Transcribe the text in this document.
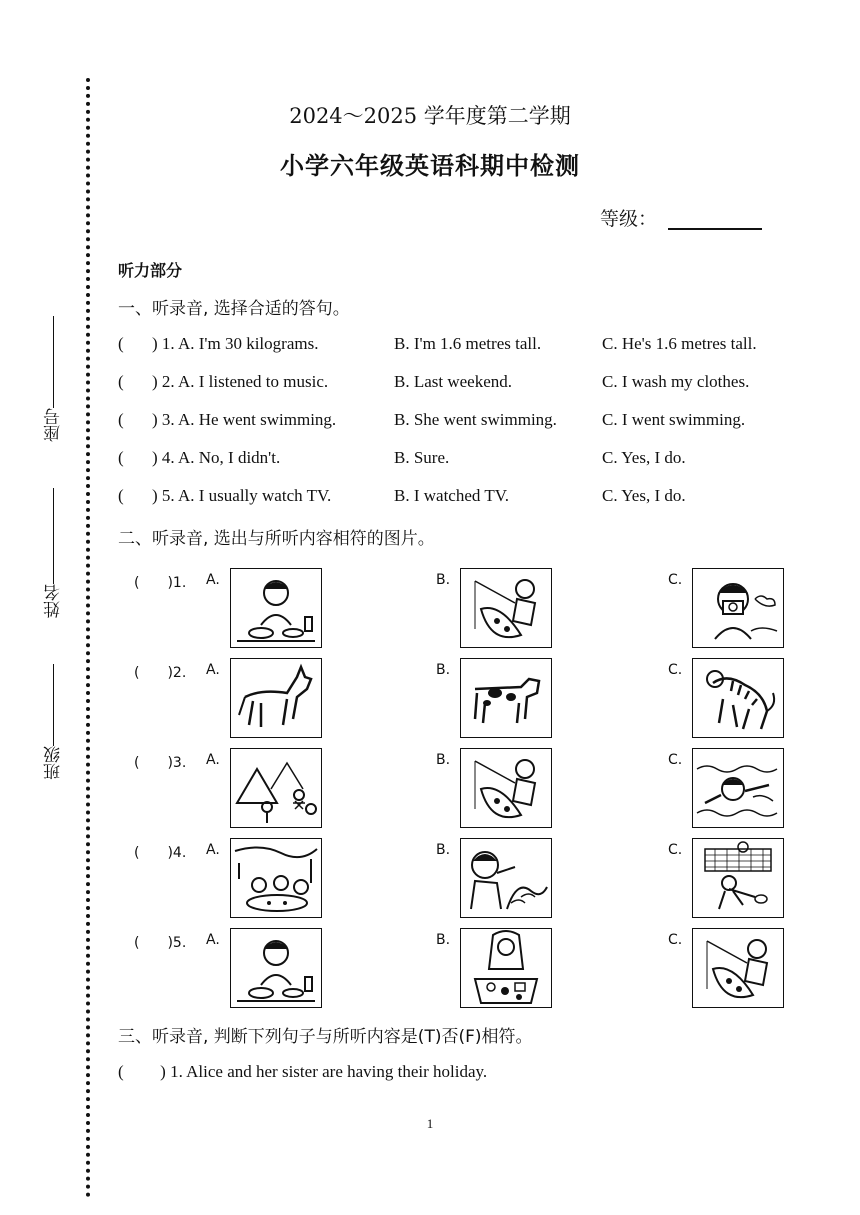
座号
姓名
班级
2024～2025 学年度第二学期
小学六年级英语科期中检测
等级：
听力部分
一、听录音, 选择合适的答句。
( ) 1. A. I'm 30 kilograms.	B. I'm 1.6 metres tall.	C. He's 1.6 metres tall.
( ) 2. A. I listened to music.	B. Last weekend.	C. I wash my clothes.
( ) 3. A. He went swimming.	B. She went swimming.	C. I went swimming.
( ) 4. A. No, I didn't.	B. Sure.	C. Yes, I do.
( ) 5. A. I usually watch TV.	B. I watched TV.	C. Yes, I do.
二、听录音, 选出与所听内容相符的图片。
(　　)1. A.	B.	C.
(　　)2. A.	B.	C.
(　　)3. A.	B.	C.
(　　)4. A.	B.	C.
(　　)5. A.	B.	C.
三、听录音, 判断下列句子与所听内容是(T)否(F)相符。
( ) 1. Alice and her sister are having their holiday.
1
